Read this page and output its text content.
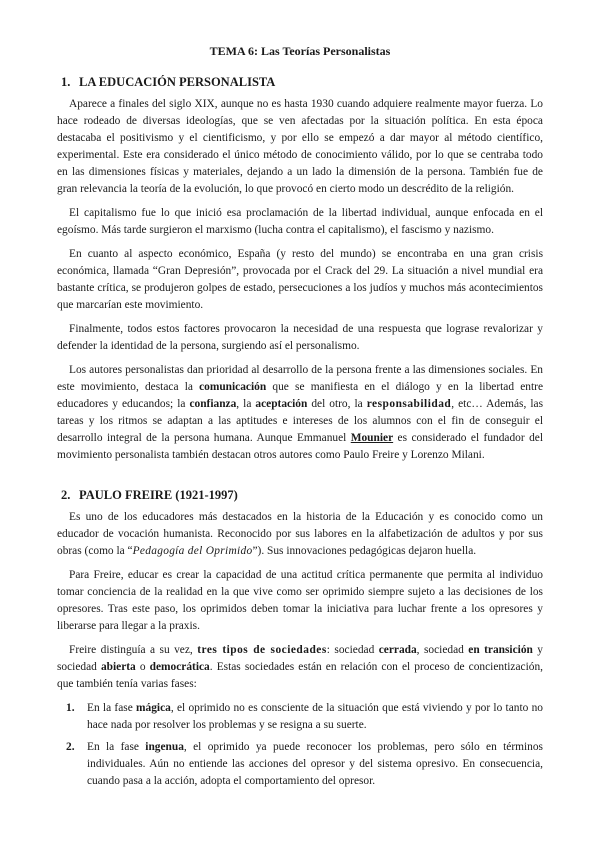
TEMA 6: Las Teorías Personalistas
1. LA EDUCACIÓN PERSONALISTA

Aparece a finales del siglo XIX, aunque no es hasta 1930 cuando adquiere realmente mayor fuerza. Lo hace rodeado de diversas ideologías, que se ven afectadas por la situación política. En esta época destacaba el positivismo y el cientificismo, y por ello se empezó a dar mayor al método científico, experimental. Este era considerado el único método de conocimiento válido, por lo que se centraba todo en las dimensiones físicas y materiales, dejando a un lado la dimensión de la persona. También fue de gran relevancia la teoría de la evolución, lo que provocó en cierto modo un descrédito de la religión.

El capitalismo fue lo que inició esa proclamación de la libertad individual, aunque enfocada en el egoísmo. Más tarde surgieron el marxismo (lucha contra el capitalismo), el fascismo y nazismo.

En cuanto al aspecto económico, España (y resto del mundo) se encontraba en una gran crisis económica, llamada “Gran Depresión”, provocada por el Crack del 29. La situación a nivel mundial era bastante crítica, se produjeron golpes de estado, persecuciones a los judíos y muchos más acontecimientos que marcarían este movimiento.

Finalmente, todos estos factores provocaron la necesidad de una respuesta que lograse revalorizar y defender la identidad de la persona, surgiendo así el personalismo.

Los autores personalistas dan prioridad al desarrollo de la persona frente a las dimensiones sociales. En este movimiento, destaca la comunicación que se manifiesta en el diálogo y en la libertad entre educadores y educandos; la confianza, la aceptación del otro, la responsabilidad, etc… Además, las tareas y los ritmos se adaptan a las aptitudes e intereses de los alumnos con el fin de conseguir el desarrollo integral de la persona humana. Aunque Emmanuel Mounier es considerado el fundador del movimiento personalista también destacan otros autores como Paulo Freire y Lorenzo Milani.

2. PAULO FREIRE (1921-1997)

Es uno de los educadores más destacados en la historia de la Educación y es conocido como un educador de vocación humanista. Reconocido por sus labores en la alfabetización de adultos y por sus obras (como la “Pedagogía del Oprimido”). Sus innovaciones pedagógicas dejaron huella.

Para Freire, educar es crear la capacidad de una actitud crítica permanente que permita al individuo tomar conciencia de la realidad en la que vive como ser oprimido siempre sujeto a las decisiones de los opresores. Tras este paso, los oprimidos deben tomar la iniciativa para luchar frente a los opresores y liberarse para llegar a la praxis.

Freire distinguía a su vez, tres tipos de sociedades: sociedad cerrada, sociedad en transición y sociedad abierta o democrática. Estas sociedades están en relación con el proceso de concientización, que también tenía varias fases:

1.	En la fase mágica, el oprimido no es consciente de la situación que está viviendo y por lo tanto no hace nada por resolver los problemas y se resigna a su suerte.
2.	En la fase ingenua, el oprimido ya puede reconocer los problemas, pero sólo en términos individuales. Aún no entiende las acciones del opresor y del sistema opresivo. En consecuencia, cuando pasa a la acción, adopta el comportamiento del opresor.
